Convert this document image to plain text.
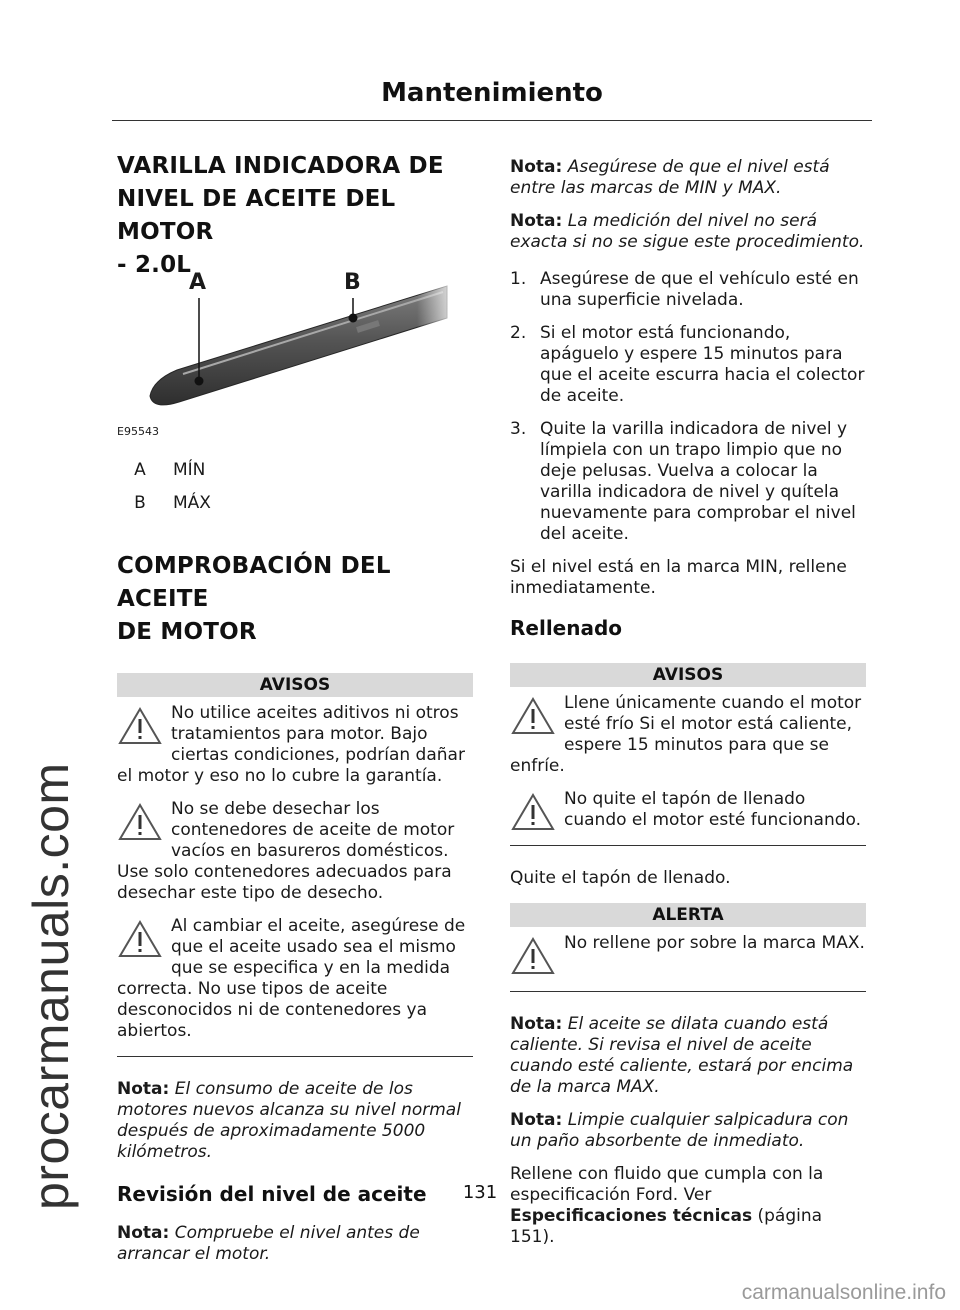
procarmanuals.com
carmanualsonline.info
Mantenimiento
VARILLA INDICADORA DE
NIVEL DE ACEITE DEL MOTOR
- 2.0L
A	B
E95543
A	MÍN
B	MÁX
COMPROBACIÓN DEL ACEITE
DE MOTOR
AVISOS
No utilice aceites aditivos ni otros tratamientos para motor. Bajo ciertas condiciones, podrían dañar el motor y eso no lo cubre la garantía.
No se debe desechar los contenedores de aceite de motor vacíos en basureros domésticos. Use solo contenedores adecuados para desechar este tipo de desecho.
Al cambiar el aceite, asegúrese de que el aceite usado sea el mismo que se especifica y en la medida correcta. No use tipos de aceite desconocidos ni de contenedores ya abiertos.

Nota: El consumo de aceite de los motores nuevos alcanza su nivel normal después de aproximadamente 5000 kilómetros.

Revisión del nivel de aceite

Nota: Compruebe el nivel antes de arrancar el motor.

Nota: Asegúrese de que el nivel está entre las marcas de MIN y MAX.

Nota: La medición del nivel no será exacta si no se sigue este procedimiento.

1. Asegúrese de que el vehículo esté en una superficie nivelada.
2. Si el motor está funcionando, apáguelo y espere 15 minutos para que el aceite escurra hacia el colector de aceite.
3. Quite la varilla indicadora de nivel y límpiela con un trapo limpio que no deje pelusas. Vuelva a colocar la varilla indicadora de nivel y quítela nuevamente para comprobar el nivel del aceite.

Si el nivel está en la marca MIN, rellene inmediatamente.

Rellenado
AVISOS
Llene únicamente cuando el motor esté frío Si el motor está caliente, espere 15 minutos para que se enfríe.
No quite el tapón de llenado cuando el motor esté funcionando.

Quite el tapón de llenado.

ALERTA
No rellene por sobre la marca MAX.

Nota: El aceite se dilata cuando está caliente. Si revisa el nivel de aceite cuando esté caliente, estará por encima de la marca MAX.

Nota: Limpie cualquier salpicadura con un paño absorbente de inmediato.

Rellene con fluido que cumpla con la especificación Ford. Ver
Especificaciones técnicas (página 151).

131
